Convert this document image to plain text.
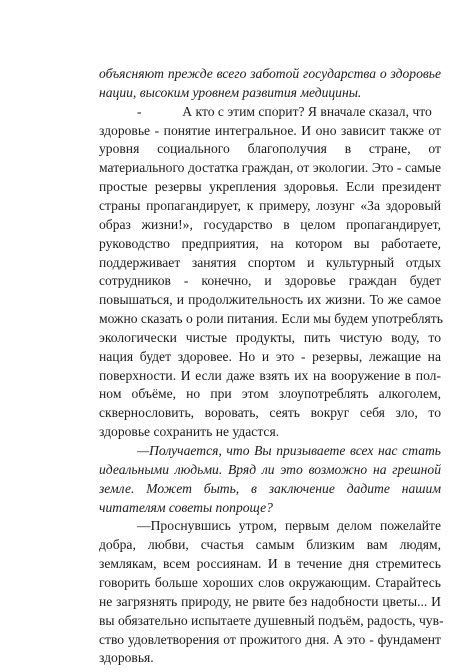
объясняют прежде всего заботой государства о здоровье
нации, высоким уровнем развития медицины.
-            А кто с этим спорит? Я вначале сказал, что
здоровье - понятие интегральное. И оно зависит также от
уровня социального благополучия в стране, от
материального достатка граждан, от экологии. Это - самые
простые резервы укрепления здоровья. Если президент
страны пропагандирует, к примеру, лозунг «За здоровый
образ жизни!», государство в целом пропагандирует,
руководство предприятия, на котором вы работаете,
поддерживает занятия спортом и культурный отдых
сотрудников - конечно, и здоровье граждан будет
повышаться, и продолжительность их жизни. То же самое
можно сказать о роли питания. Если мы будем употреблять
экологически чистые продукты, пить чистую воду, то
нация будет здоровее. Но и это - резервы, лежащие на
поверхности. И если даже взять их на вооружение в пол-
ном объёме, но при этом злоупотреблять алкоголем,
сквернословить, воровать, сеять вокруг себя зло, то
здоровье сохранить не удастся.
—Получается, что Вы призываете всех нас стать
идеальными людьми. Вряд ли это возможно на грешной
земле. Может быть, в заключение дадите нашим
читателям советы попроще?
—Проснувшись утром, первым делом пожелайте
добра, любви, счастья самым близким вам людям,
землякам, всем россиянам. И в течение дня стремитесь
говорить больше хороших слов окружающим. Старайтесь
не загрязнять природу, не рвите без надобности цветы... И
вы обязательно испытаете душевный подъём, радость, чув-
ство удовлетворения от прожитого дня. А это - фундамент
здоровья.
